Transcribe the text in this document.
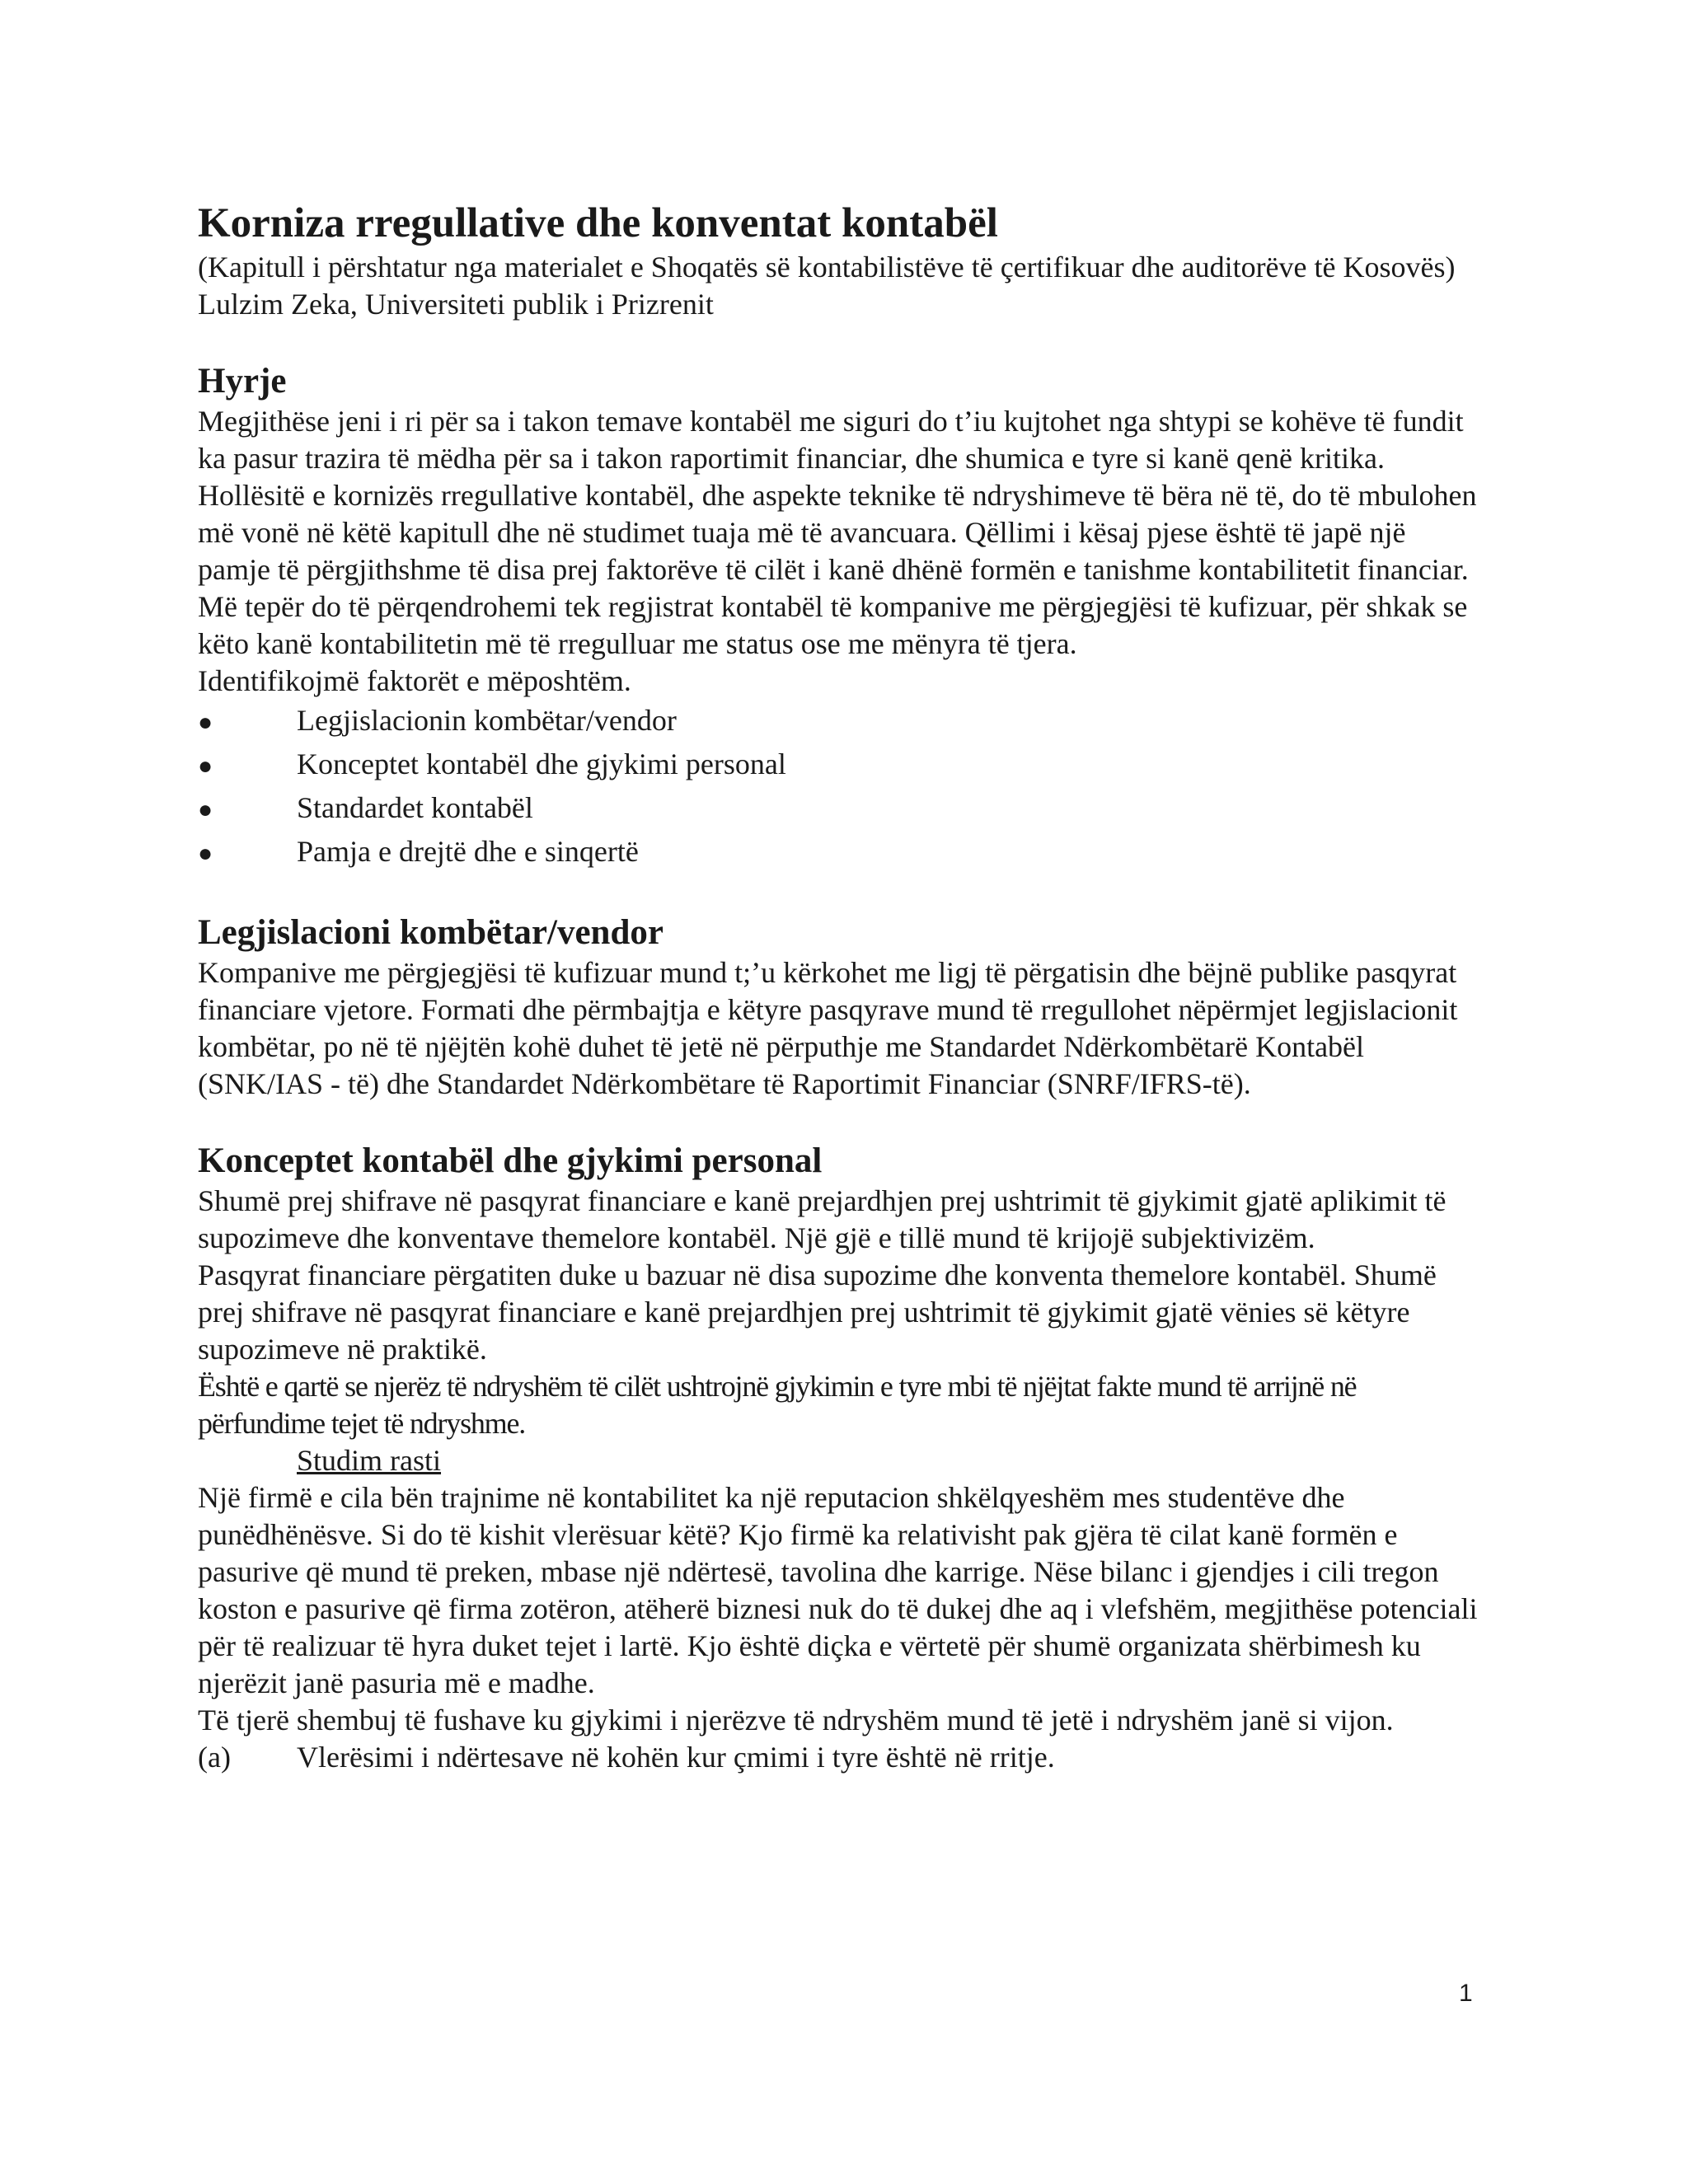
Korniza rregullative dhe konventat kontabël

(Kapitull i përshtatur nga materialet e Shoqatës së kontabilistëve të çertifikuar dhe auditorëve të Kosovës)

Lulzim Zeka, Universiteti publik i Prizrenit

Hyrje

Megjithëse jeni i ri për sa i takon temave kontabël me siguri do t’iu kujtohet nga shtypi se kohëve të fundit ka pasur trazira të mëdha për sa i takon raportimit financiar, dhe shumica e tyre si kanë qenë kritika. Hollësitë e kornizës rregullative kontabël, dhe aspekte teknike të ndryshimeve të bëra në të, do të mbulohen më vonë në këtë kapitull dhe në studimet tuaja më të avancuara. Qëllimi i kësaj pjese është të japë një pamje të përgjithshme të disa prej faktorëve të cilët i kanë dhënë formën e tanishme kontabilitetit financiar. Më tepër do të përqendrohemi tek regjistrat kontabël të kompanive me përgjegjësi të kufizuar, për shkak se këto kanë kontabilitetin më të rregulluar me status ose me mënyra të tjera.

Identifikojmë faktorët e mëposhtëm.

●	Legjislacionin kombëtar/vendor
●	Konceptet kontabël dhe gjykimi personal
●	Standardet kontabël
●	Pamja e drejtë dhe e sinqertë
Legjislacioni kombëtar/vendor

Kompanive me përgjegjësi të kufizuar mund t;’u kërkohet me ligj të përgatisin dhe bëjnë publike pasqyrat financiare vjetore. Formati dhe përmbajtja e këtyre pasqyrave mund të rregullohet nëpërmjet legjislacionit kombëtar, po në të njëjtën kohë duhet të jetë në përputhje me Standardet Ndërkombëtarë Kontabël (SNK/IAS - të) dhe Standardet Ndërkombëtare të Raportimit Financiar (SNRF/IFRS-të).

Konceptet kontabël dhe gjykimi personal

Shumë prej shifrave në pasqyrat financiare e kanë prejardhjen prej ushtrimit të gjykimit gjatë aplikimit të supozimeve dhe konventave themelore kontabël. Një gjë e tillë mund të krijojë subjektivizëm.

Pasqyrat financiare përgatiten duke u bazuar në disa supozime dhe konventa themelore kontabël. Shumë prej shifrave në pasqyrat financiare e kanë prejardhjen prej ushtrimit të gjykimit gjatë vënies së këtyre supozimeve në praktikë.

Është e qartë se njerëz të ndryshëm të cilët ushtrojnë gjykimin e tyre mbi të njëjtat fakte mund të arrijnë në përfundime tejet të ndryshme.

Studim rasti

Një firmë e cila bën trajnime në kontabilitet ka një reputacion shkëlqyeshëm mes studentëve dhe punëdhënësve. Si do të kishit vlerësuar këtë? Kjo firmë ka relativisht pak gjëra të cilat kanë formën e pasurive që mund të preken, mbase një ndërtesë, tavolina dhe karrige. Nëse bilanc i gjendjes i cili tregon koston e pasurive që firma zotëron, atëherë biznesi nuk do të dukej dhe aq i vlefshëm, megjithëse potenciali për të realizuar të hyra duket tejet i lartë. Kjo është diçka e vërtetë për shumë organizata shërbimesh ku njerëzit janë pasuria më e madhe.

Të tjerë shembuj të fushave ku gjykimi i njerëzve të ndryshëm mund të jetë i ndryshëm janë si vijon.

(a)	Vlerësimi i ndërtesave në kohën kur çmimi i tyre është në rritje.

1
